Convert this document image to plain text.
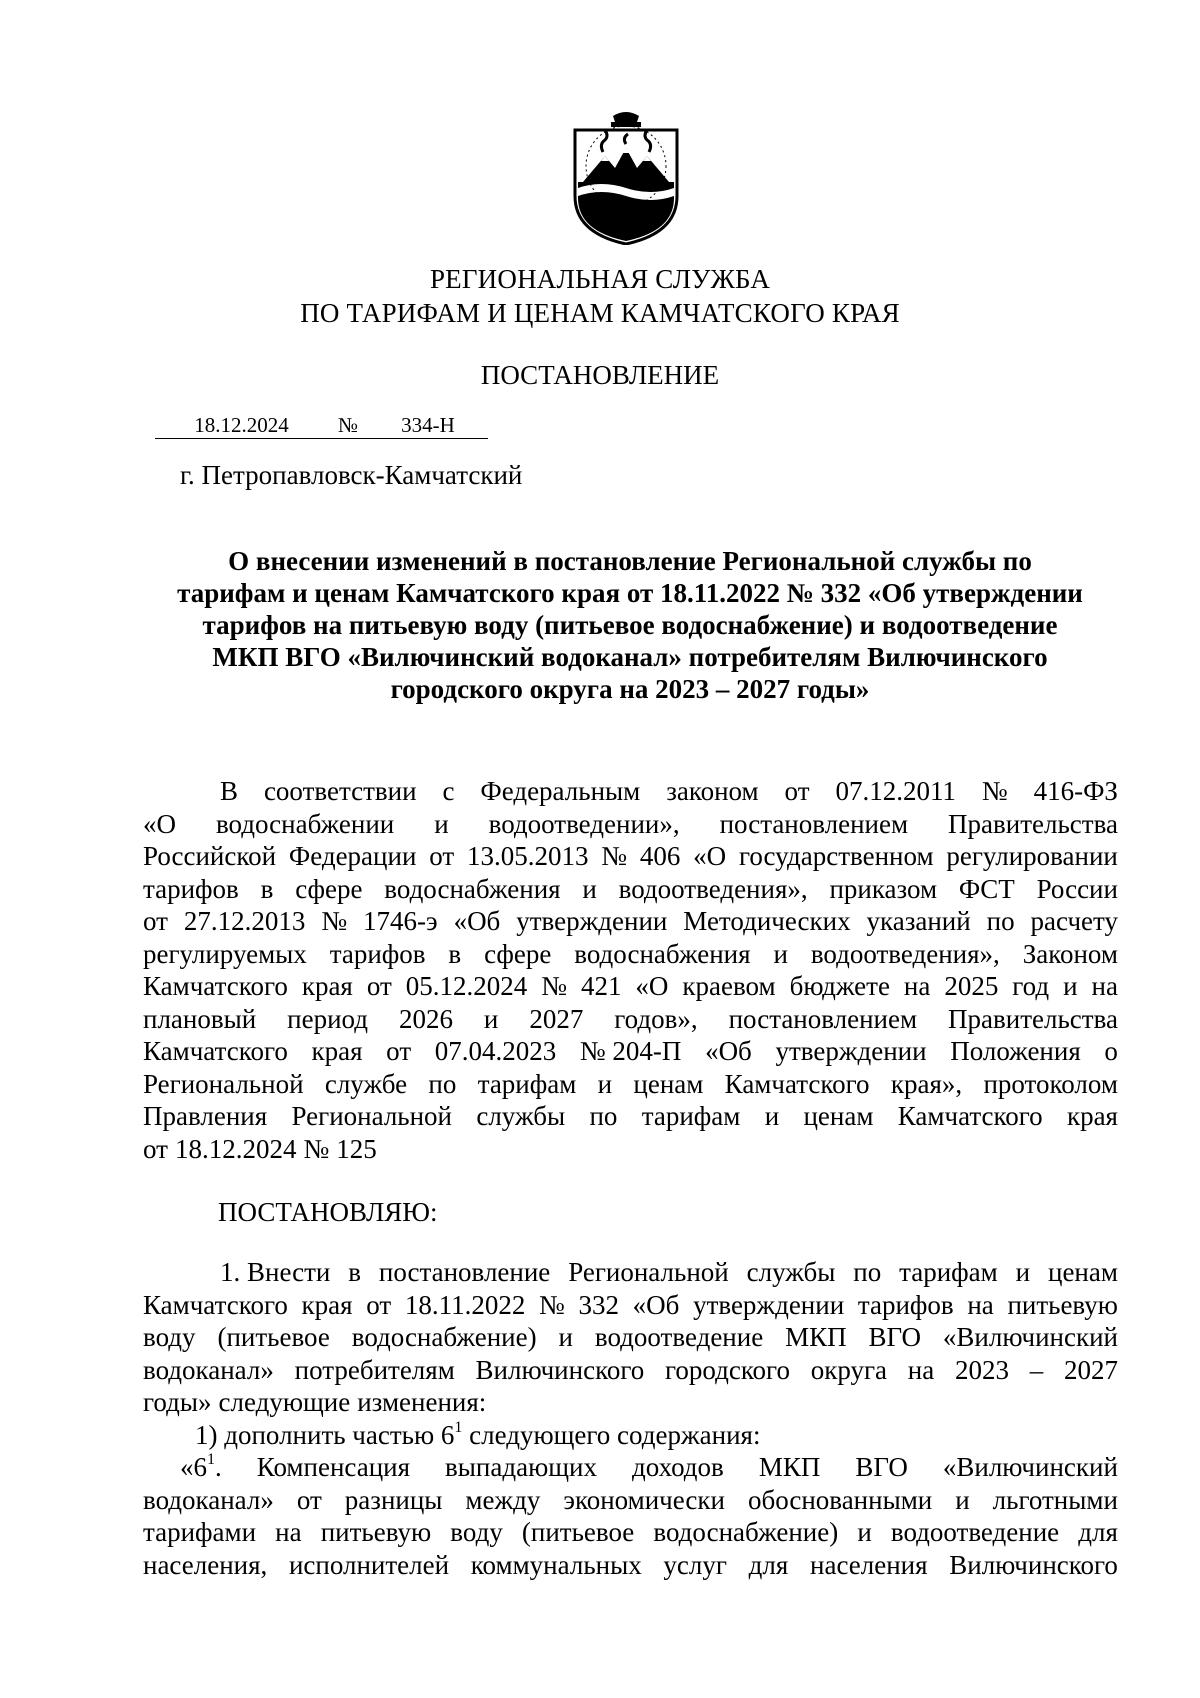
РЕГИОНАЛЬНАЯ СЛУЖБА
ПО ТАРИФАМ И ЦЕНАМ КАМЧАТСКОГО КРАЯ
ПОСТАНОВЛЕНИЕ
18.12.2024 № 334-Н
г. Петропавловск-Камчатский
О внесении изменений в постановление Региональной службы по
тарифам и ценам Камчатского края от 18.11.2022 № 332 «Об утверждении
тарифов на питьевую воду (питьевое водоснабжение) и водоотведение
МКП ВГО «Вилючинский водоканал» потребителям Вилючинского
городского округа на 2023 – 2027 годы»
В соответствии с Федеральным законом от 07.12.2011 № 416-ФЗ
«О водоснабжении и водоотведении», постановлением Правительства
Российской Федерации от 13.05.2013 № 406 «О государственном регулировании
тарифов в сфере водоснабжения и водоотведения», приказом ФСТ России
от 27.12.2013 № 1746-э «Об утверждении Методических указаний по расчету
регулируемых тарифов в сфере водоснабжения и водоотведения», Законом
Камчатского края от 05.12.2024 № 421 «О краевом бюджете на 2025 год и на
плановый период 2026 и 2027 годов», постановлением Правительства
Камчатского края от 07.04.2023 № 204-П «Об утверждении Положения о
Региональной службе по тарифам и ценам Камчатского края», протоколом
Правления Региональной службы по тарифам и ценам Камчатского края
от 18.12.2024 № 125
ПОСТАНОВЛЯЮ:
1. Внести в постановление Региональной службы по тарифам и ценам
Камчатского края от 18.11.2022 № 332 «Об утверждении тарифов на питьевую
воду (питьевое водоснабжение) и водоотведение МКП ВГО «Вилючинский
водоканал» потребителям Вилючинского городского округа на 2023 – 2027
годы» следующие изменения:
1) дополнить частью $6^1$ следующего содержания:
«$6^1$. Компенсация выпадающих доходов МКП ВГО «Вилючинский
водоканал» от разницы между экономически обоснованными и льготными
тарифами на питьевую воду (питьевое водоснабжение) и водоотведение для
населения, исполнителей коммунальных услуг для населения Вилючинского
